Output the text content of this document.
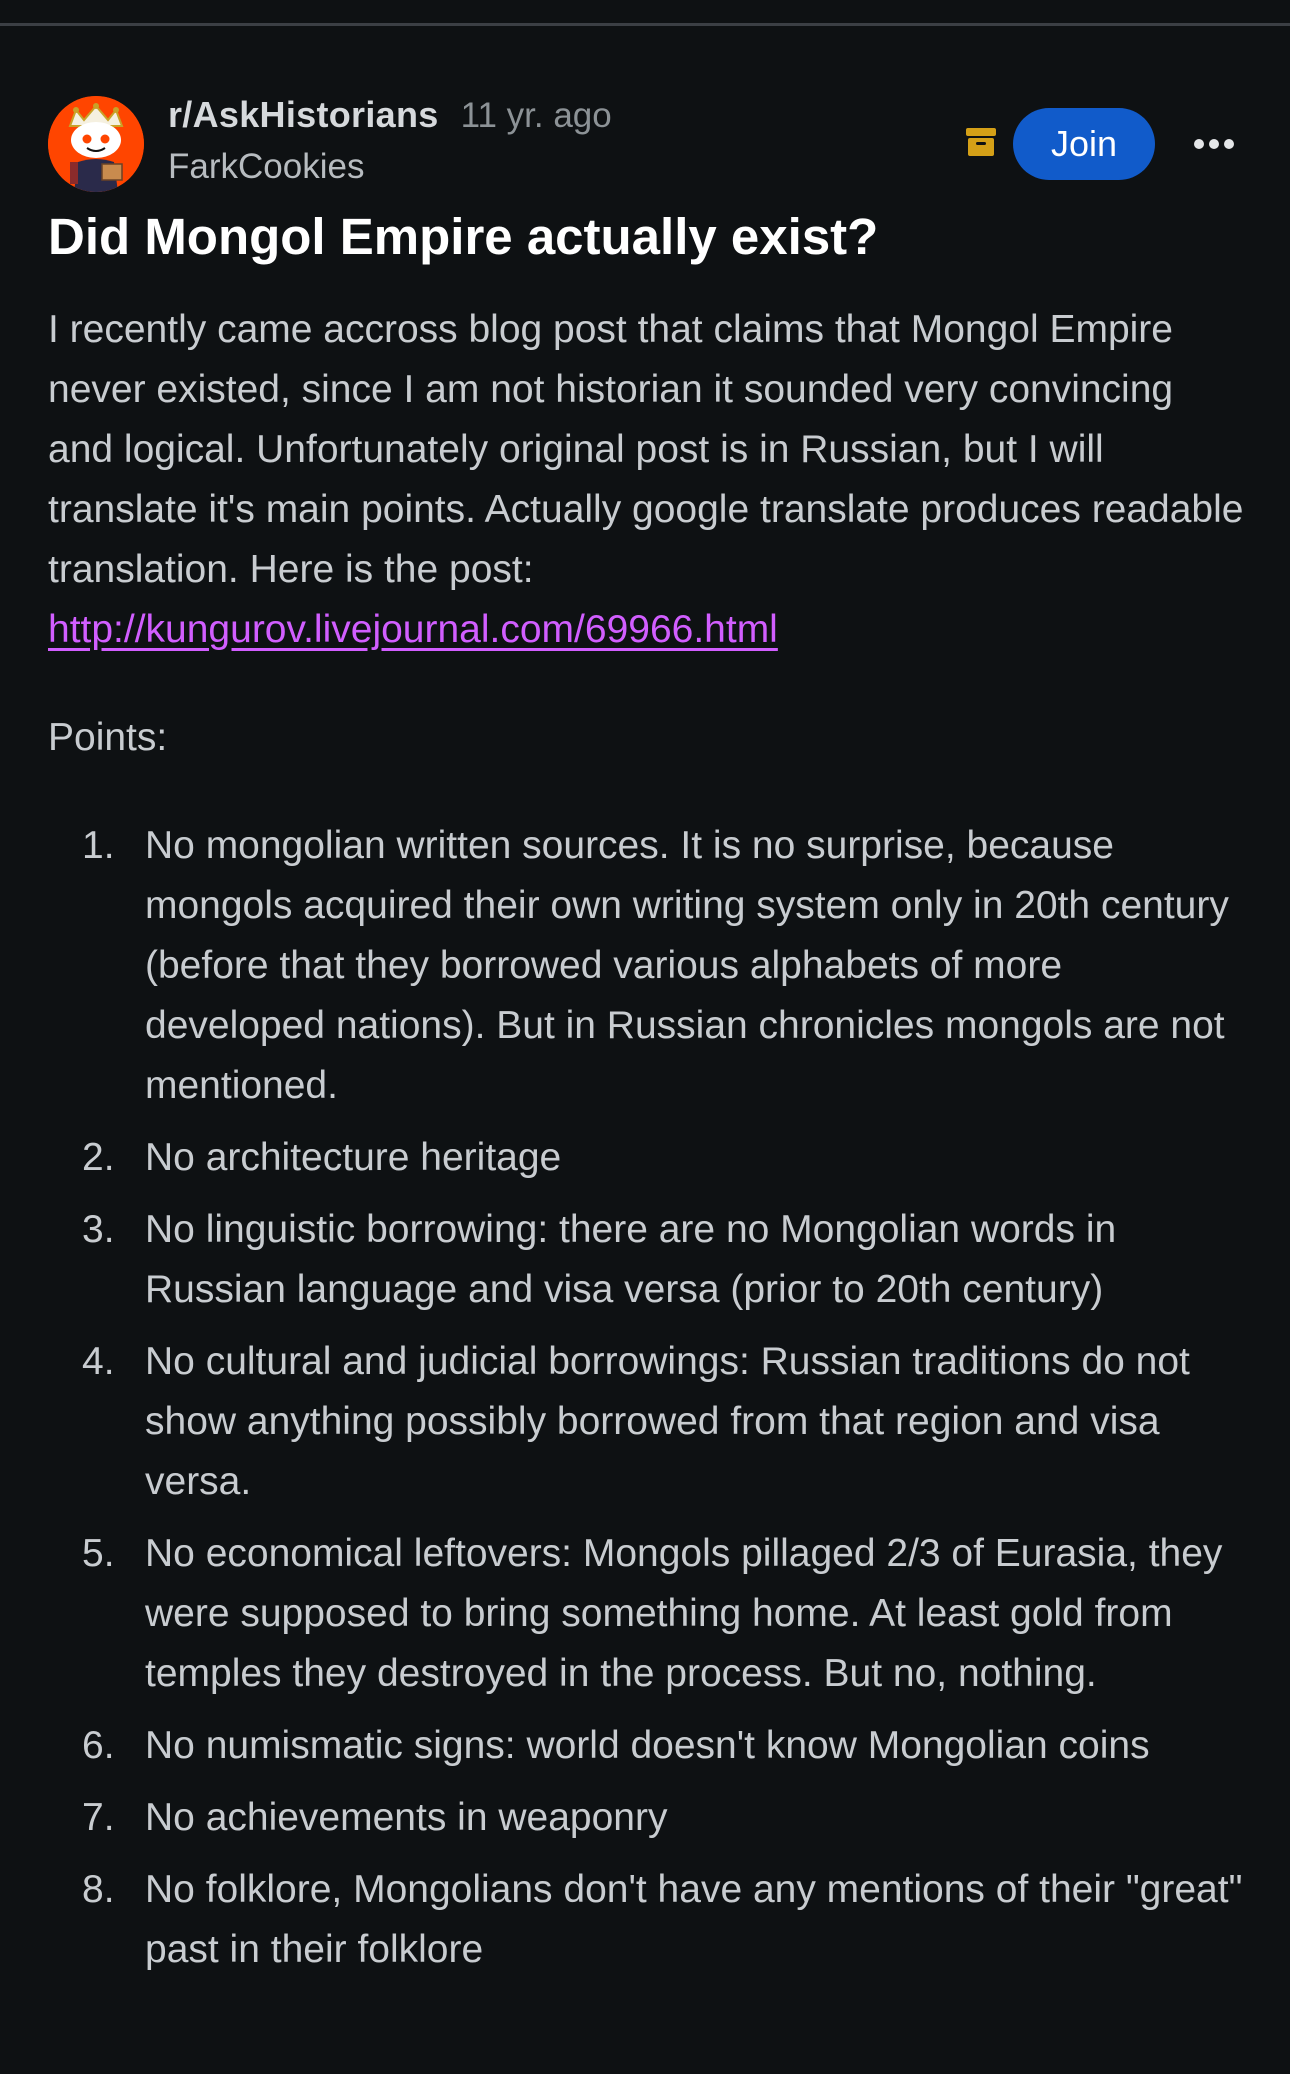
r/AskHistorians 11 yr. ago
FarkCookies
Join
Did Mongol Empire actually exist?

I recently came accross blog post that claims that Mongol Empire never existed, since I am not historian it sounded very convincing and logical. Unfortunately original post is in Russian, but I will translate it's main points. Actually google translate produces readable translation. Here is the post: http://kungurov.livejournal.com/69966.html

Points:

1. No mongolian written sources. It is no surprise, because mongols acquired their own writing system only in 20th century (before that they borrowed various alphabets of more developed nations). But in Russian chronicles mongols are not mentioned.
2. No architecture heritage
3. No linguistic borrowing: there are no Mongolian words in Russian language and visa versa (prior to 20th century)
4. No cultural and judicial borrowings: Russian traditions do not show anything possibly borrowed from that region and visa versa.
5. No economical leftovers: Mongols pillaged 2/3 of Eurasia, they were supposed to bring something home. At least gold from temples they destroyed in the process. But no, nothing.
6. No numismatic signs: world doesn't know Mongolian coins
7. No achievements in weaponry
8. No folklore, Mongolians don't have any mentions of their "great" past in their folklore
